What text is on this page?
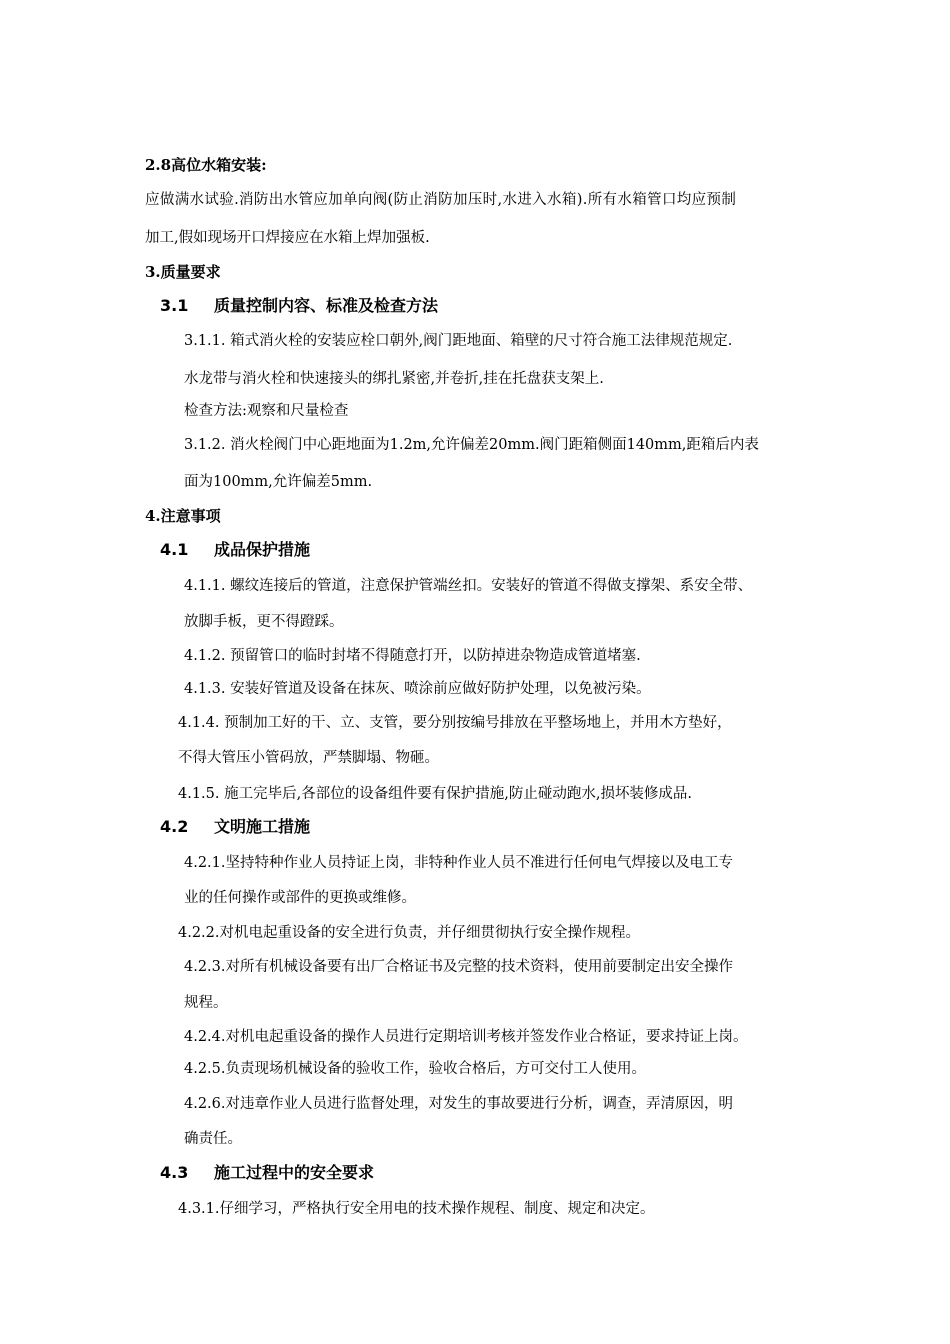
2.8高位水箱安装:
应做满水试验.消防出水管应加单向阀(防止消防加压时,水进入水箱).所有水箱管口均应预制
加工,假如现场开口焊接应在水箱上焊加强板.
3.质量要求
3.1 质量控制内容、标准及检查方法
3.1.1. 箱式消火栓的安装应栓口朝外,阀门距地面、箱壁的尺寸符合施工法律规范规定.
水龙带与消火栓和快速接头的绑扎紧密,并卷折,挂在托盘获支架上.
检查方法:观察和尺量检查
3.1.2. 消火栓阀门中心距地面为1.2m,允许偏差20mm.阀门距箱侧面140mm,距箱后内表
面为100mm,允许偏差5mm.
4.注意事项
4.1 成品保护措施
4.1.1. 螺纹连接后的管道，注意保护管端丝扣。安装好的管道不得做支撑架、系安全带、
放脚手板，更不得蹬踩。
4.1.2. 预留管口的临时封堵不得随意打开，以防掉进杂物造成管道堵塞.
4.1.3. 安装好管道及设备在抹灰、喷涂前应做好防护处理，以免被污染。
4.1.4. 预制加工好的干、立、支管，要分别按编号排放在平整场地上，并用木方垫好，
不得大管压小管码放，严禁脚塌、物砸。
4.1.5. 施工完毕后,各部位的设备组件要有保护措施,防止碰动跑水,损坏装修成品.
4.2 文明施工措施
4.2.1.坚持特种作业人员持证上岗，非特种作业人员不准进行任何电气焊接以及电工专
业的任何操作或部件的更换或维修。
4.2.2.对机电起重设备的安全进行负责，并仔细贯彻执行安全操作规程。
4.2.3.对所有机械设备要有出厂合格证书及完整的技术资料，使用前要制定出安全操作
规程。
4.2.4.对机电起重设备的操作人员进行定期培训考核并签发作业合格证，要求持证上岗。
4.2.5.负责现场机械设备的验收工作，验收合格后，方可交付工人使用。
4.2.6.对违章作业人员进行监督处理，对发生的事故要进行分析，调查，弄清原因，明
确责任。
4.3 施工过程中的安全要求
4.3.1.仔细学习，严格执行安全用电的技术操作规程、制度、规定和决定。
